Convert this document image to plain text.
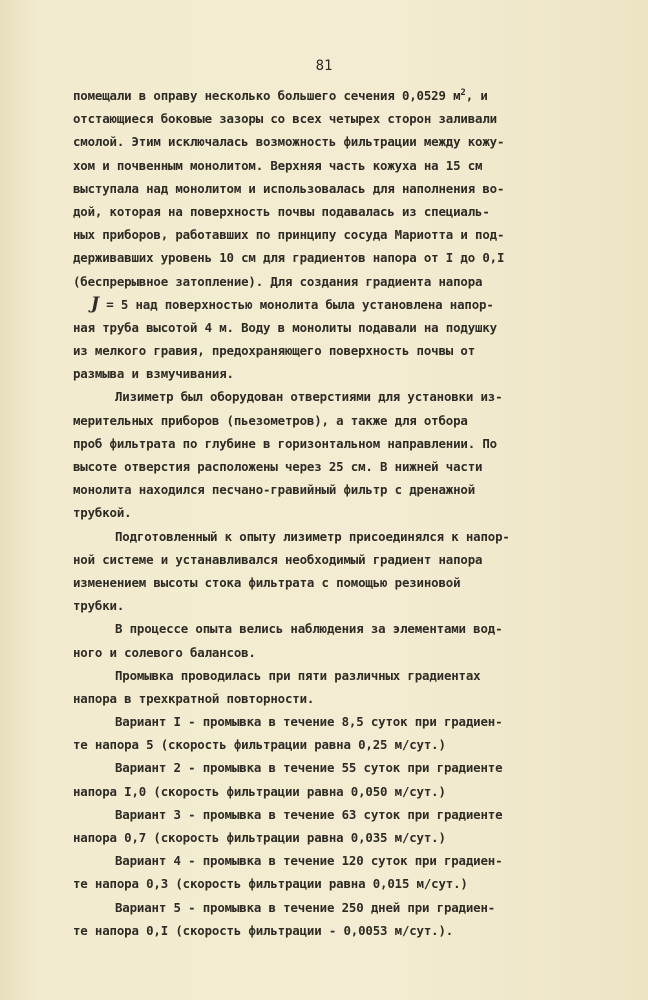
81
помещали в оправу несколько большего сечения 0,0529 $м^2$, и
отстающиеся боковые зазоры со всех четырех сторон заливали
смолой. Этим исключалась возможность фильтрации между кожу-
хом и почвенным монолитом. Верхняя часть кожуха на 15 см
выступала над монолитом и использовалась для наполнения во-
дой, которая на поверхность почвы подавалась из специаль-
ных приборов, работавших по принципу сосуда Мариотта и под-
держивавших уровень 10 см для градиентов напора от I до 0,I
(беспрерывное затопление). Для создания градиента напора
J = 5 над поверхностью монолита была установлена напор-
ная труба высотой 4 м. Воду в монолиты подавали на подушку
из мелкого гравия, предохраняющего поверхность почвы от
размыва и взмучивания.
Лизиметр был оборудован отверстиями для установки из-
мерительных приборов (пьезометров), а также для отбора
проб фильтрата по глубине в горизонтальном направлении. По
высоте отверстия расположены через 25 см. В нижней части
монолита находился песчано-гравийный фильтр с дренажной
трубкой.
Подготовленный к опыту лизиметр присоединялся к напор-
ной системе и устанавливался необходимый градиент напора
изменением высоты стока фильтрата с помощью резиновой
трубки.
В процессе опыта велись наблюдения за элементами вод-
ного и солевого балансов.
Промывка проводилась при пяти различных градиентах
напора в трехкратной повторности.
Вариант I - промывка в течение 8,5 суток при градиен-
те напора 5 (скорость фильтрации равна 0,25 м/сут.)
Вариант 2 - промывка в течение 55 суток при градиенте
напора I,0 (скорость фильтрации равна 0,050 м/сут.)
Вариант 3 - промывка в течение 63 суток при градиенте
напора 0,7 (скорость фильтрации равна 0,035 м/сут.)
Вариант 4 - промывка в течение 120 суток при градиен-
те напора 0,3 (скорость фильтрации равна 0,015 м/сут.)
Вариант 5 - промывка в течение 250 дней при градиен-
те напора 0,I (скорость фильтрации - 0,0053 м/сут.).
